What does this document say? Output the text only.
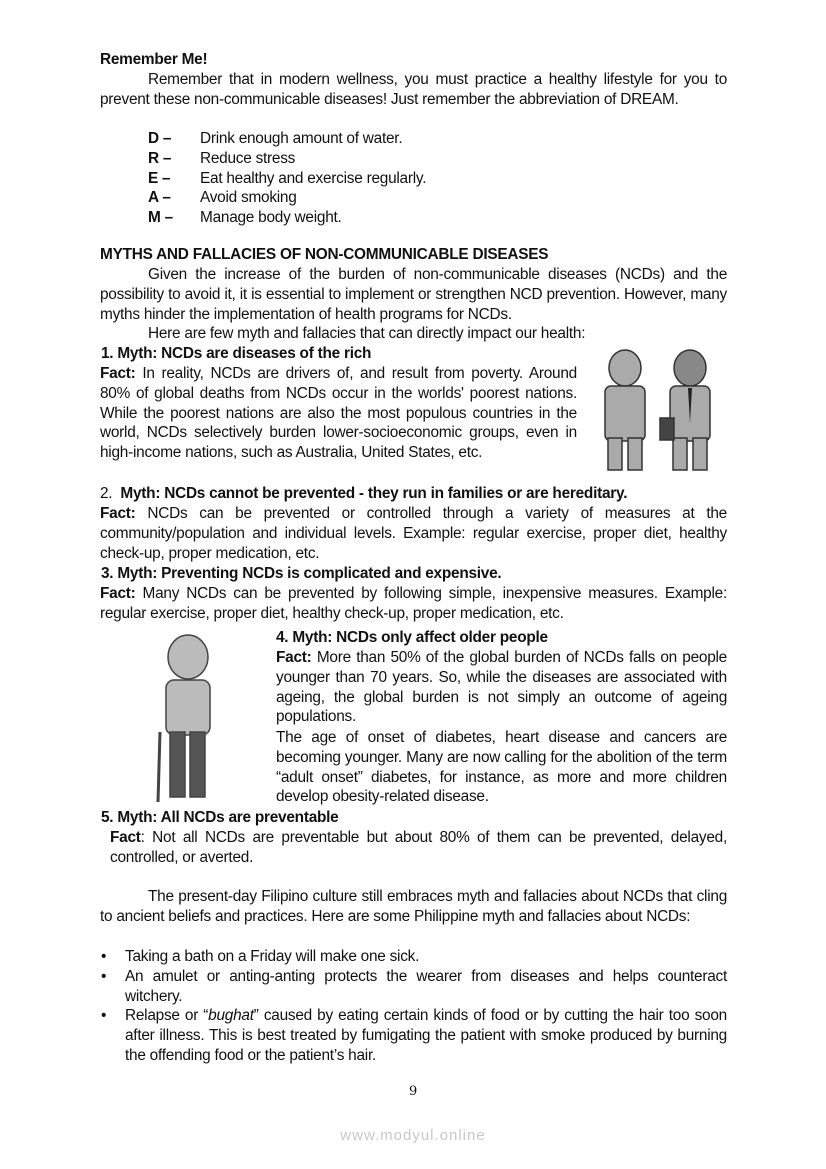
Remember Me!
Remember that in modern wellness, you must practice a healthy lifestyle for you to prevent these non-communicable diseases! Just remember the abbreviation of DREAM.
D –	Drink enough amount of water.
R –	Reduce stress
E –	Eat healthy and exercise regularly.
A –	Avoid smoking
M –	Manage body weight.
MYTHS AND FALLACIES OF NON-COMMUNICABLE DISEASES
Given the increase of the burden of non-communicable diseases (NCDs) and the possibility to avoid it, it is essential to implement or strengthen NCD prevention. However, many myths hinder the implementation of health programs for NCDs.
Here are few myth and fallacies that can directly impact our health:
1. Myth: NCDs are diseases of the rich
Fact: In reality, NCDs are drivers of, and result from poverty. Around 80% of global deaths from NCDs occur in the worlds' poorest nations. While the poorest nations are also the most populous countries in the world, NCDs selectively burden lower-socioeconomic groups, even in high-income nations, such as Australia, United States, etc.
2. Myth: NCDs cannot be prevented - they run in families or are hereditary.
Fact: NCDs can be prevented or controlled through a variety of measures at the community/population and individual levels. Example: regular exercise, proper diet, healthy check-up, proper medication, etc.
3. Myth: Preventing NCDs is complicated and expensive.
Fact: Many NCDs can be prevented by following simple, inexpensive measures. Example: regular exercise, proper diet, healthy check-up, proper medication, etc.
4. Myth: NCDs only affect older people
Fact: More than 50% of the global burden of NCDs falls on people younger than 70 years. So, while the diseases are associated with ageing, the global burden is not simply an outcome of ageing populations.
The age of onset of diabetes, heart disease and cancers are becoming younger. Many are now calling for the abolition of the term “adult onset” diabetes, for instance, as more and more children develop obesity-related disease.
5. Myth: All NCDs are preventable
Fact: Not all NCDs are preventable but about 80% of them can be prevented, delayed, controlled, or averted.
The present-day Filipino culture still embraces myth and fallacies about NCDs that cling to ancient beliefs and practices. Here are some Philippine myth and fallacies about NCDs:
•	Taking a bath on a Friday will make one sick.
•	An amulet or anting-anting protects the wearer from diseases and helps counteract witchery.
•	Relapse or “bughat” caused by eating certain kinds of food or by cutting the hair too soon after illness. This is best treated by fumigating the patient with smoke produced by burning the offending food or the patient’s hair.
9
www.modyul.online
